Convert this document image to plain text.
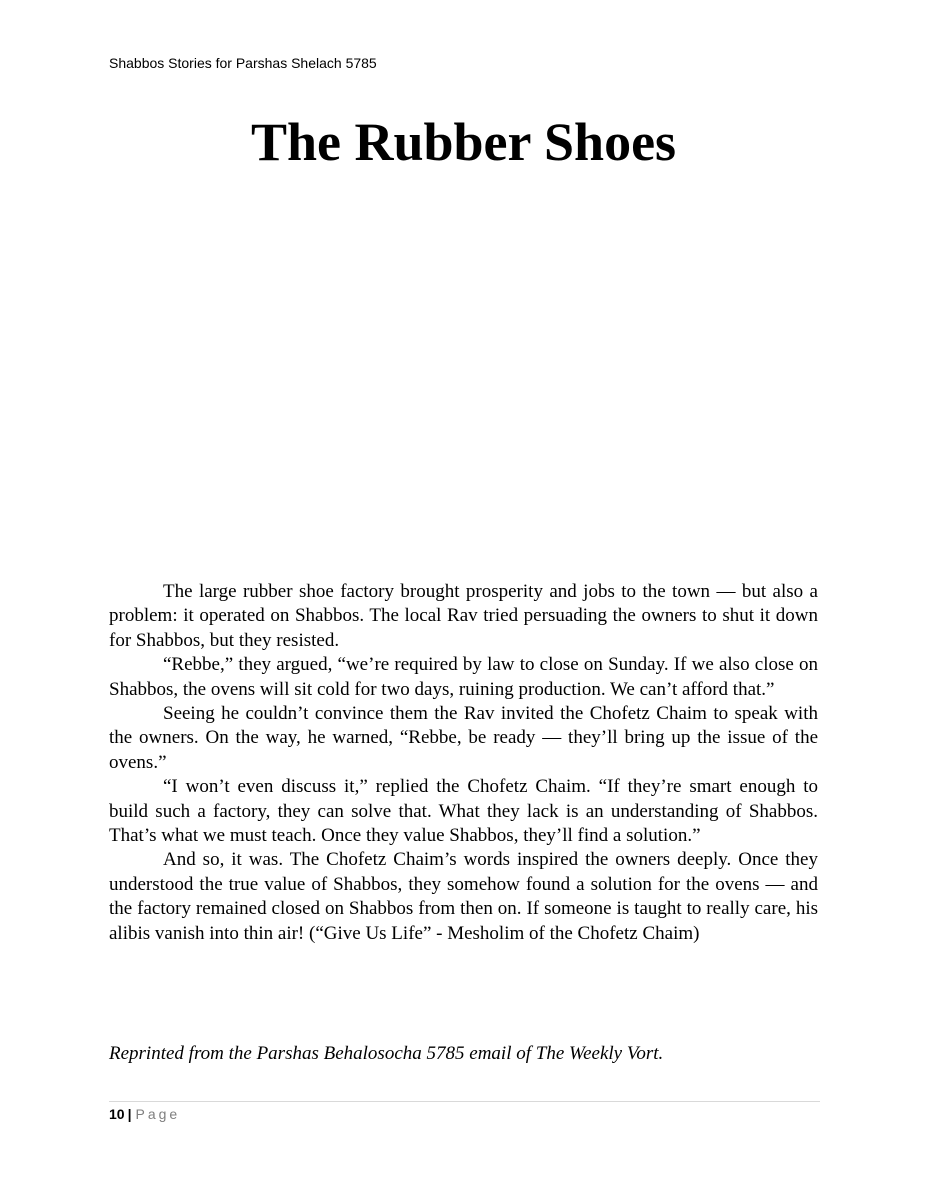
Shabbos Stories for Parshas Shelach 5785
The Rubber Shoes

The large rubber shoe factory brought prosperity and jobs to the town — but also a problem: it operated on Shabbos. The local Rav tried persuading the owners to shut it down for Shabbos, but they resisted.

“Rebbe,” they argued, “we’re required by law to close on Sunday. If we also close on Shabbos, the ovens will sit cold for two days, ruining production. We can’t afford that.”

Seeing he couldn’t convince them the Rav invited the Chofetz Chaim to speak with the owners. On the way, he warned, “Rebbe, be ready — they’ll bring up the issue of the ovens.”

“I won’t even discuss it,” replied the Chofetz Chaim. “If they’re smart enough to build such a factory, they can solve that. What they lack is an understanding of Shabbos. That’s what we must teach. Once they value Shabbos, they’ll find a solution.”

And so, it was. The Chofetz Chaim’s words inspired the owners deeply. Once they understood the true value of Shabbos, they somehow found a solution for the ovens — and the factory remained closed on Shabbos from then on. If someone is taught to really care, his alibis vanish into thin air! (“Give Us Life” - Mesholim of the Chofetz Chaim)

Reprinted from the Parshas Behalosocha 5785 email of The Weekly Vort.
10 | Page
